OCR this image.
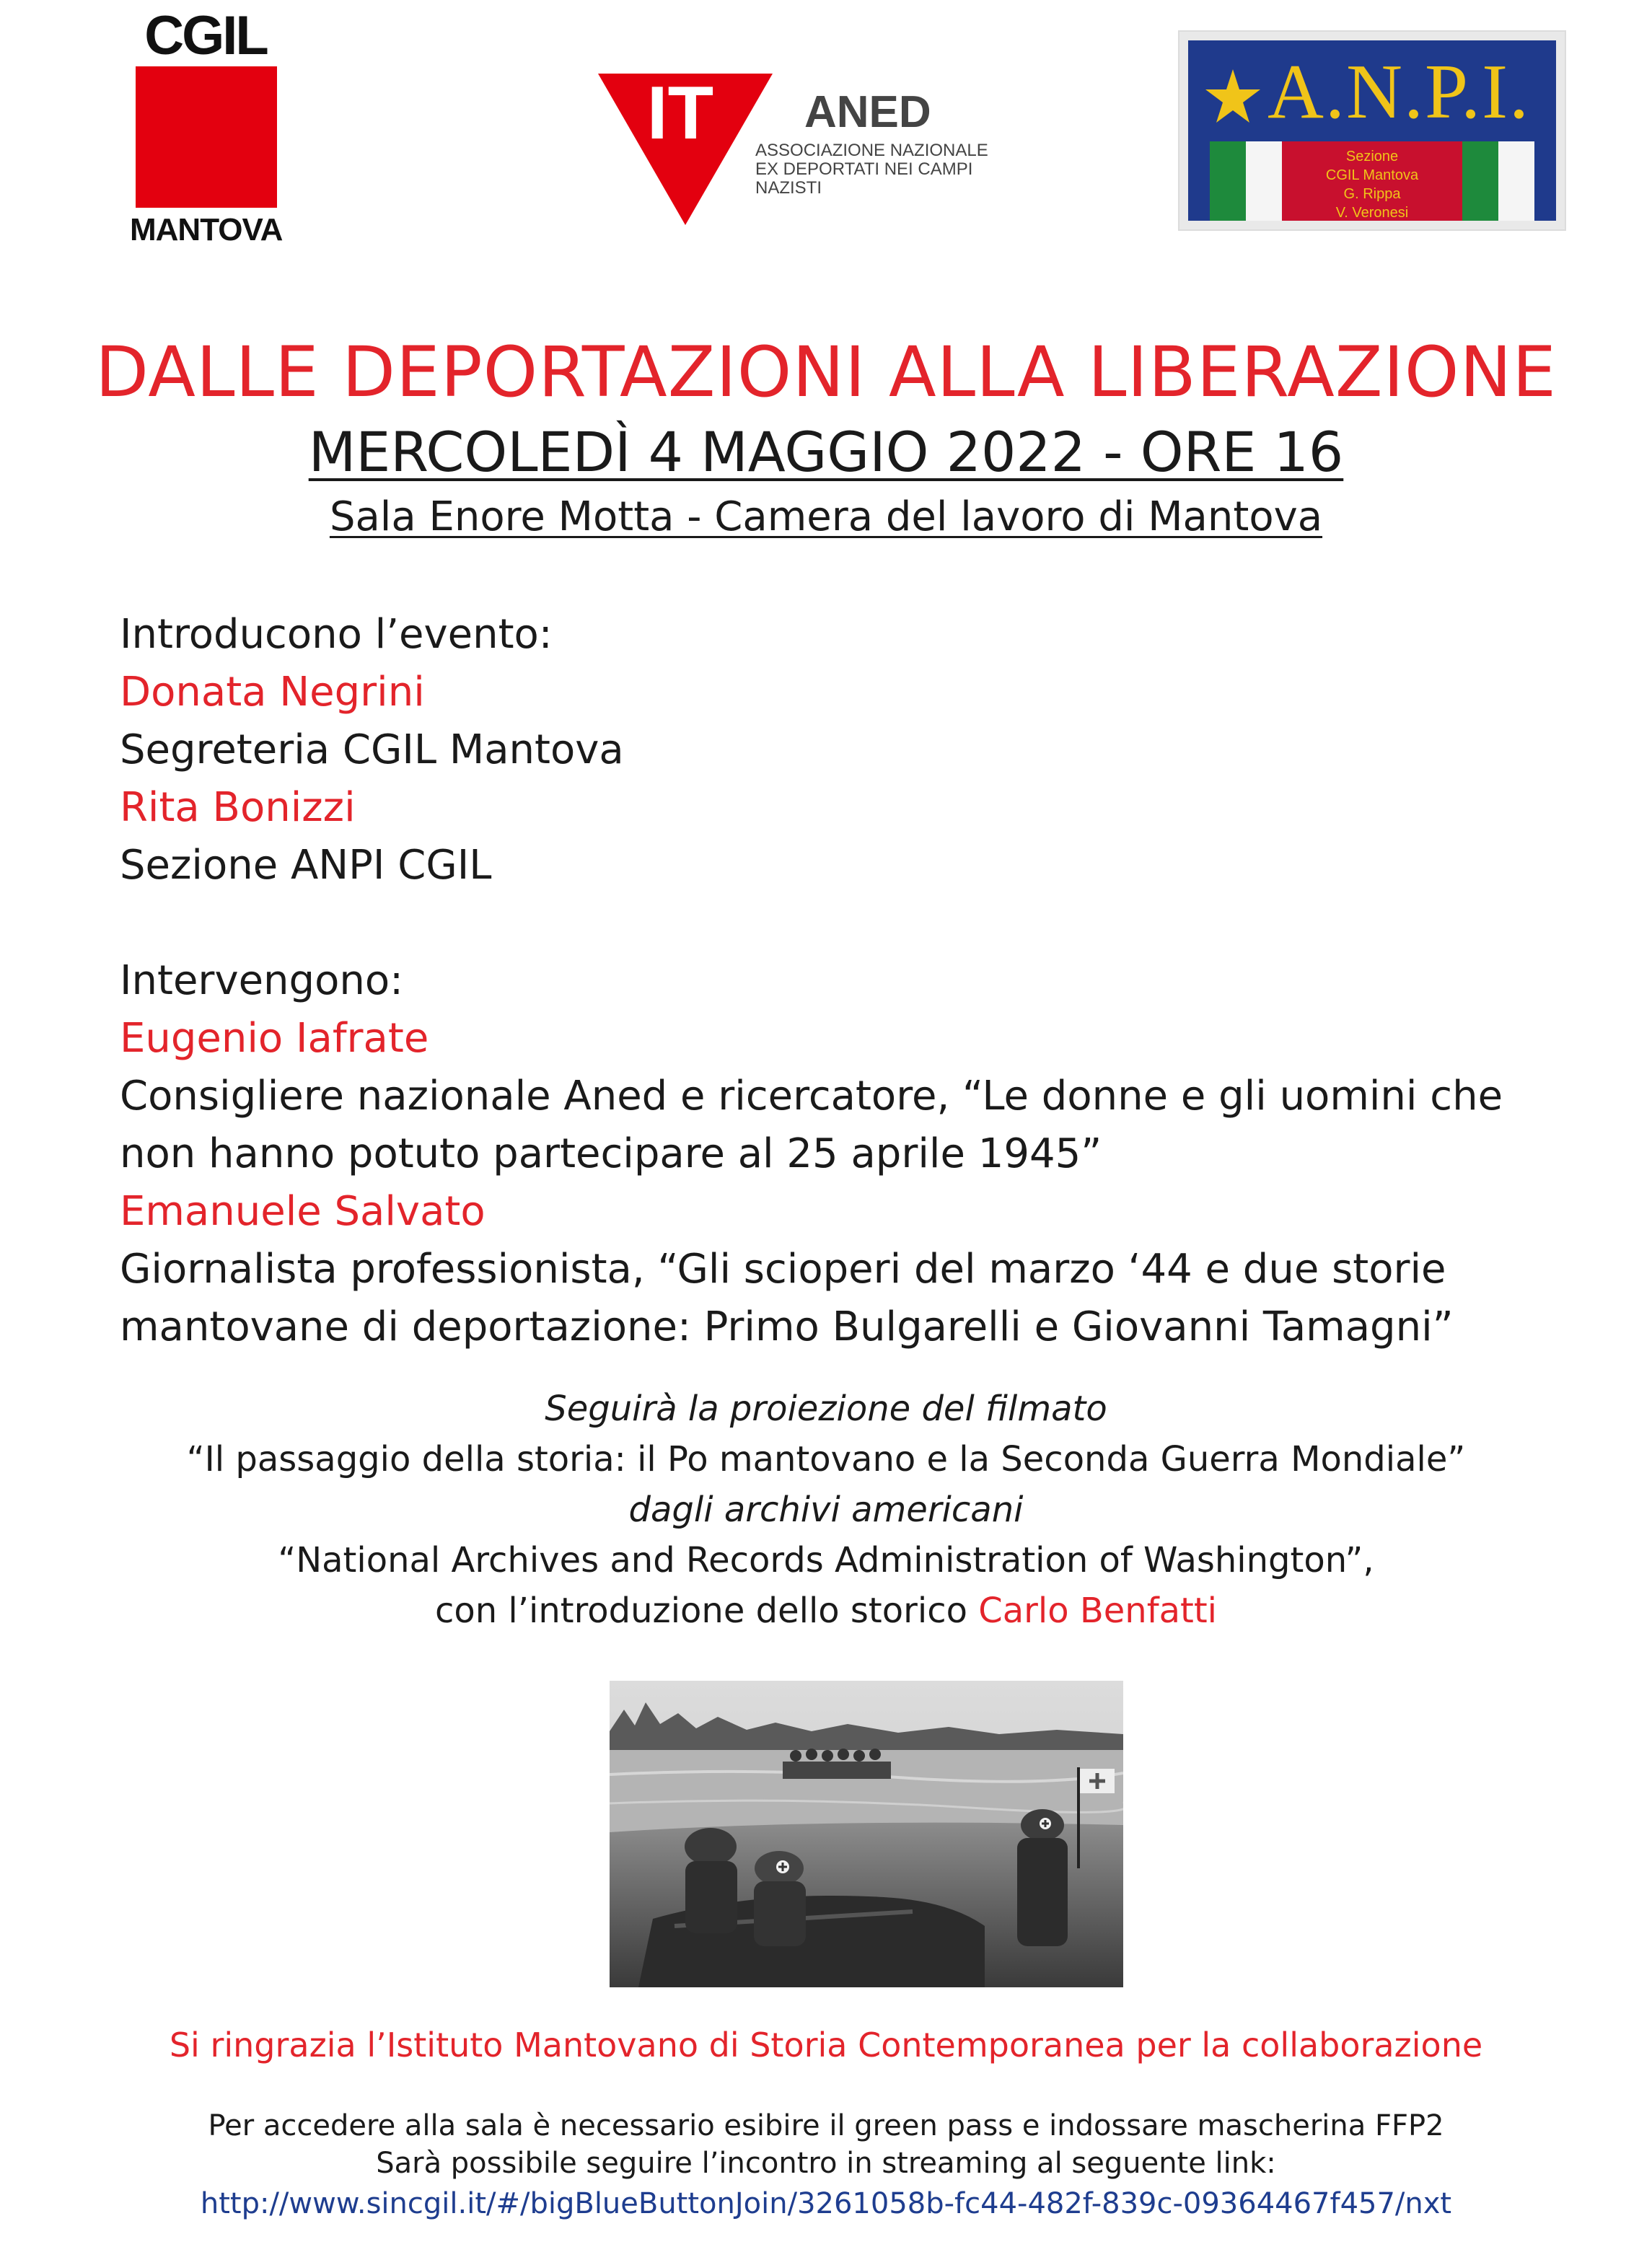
CGIL
MANTOVA
IT ANED
ASSOCIAZIONE NAZIONALE
EX DEPORTATI NEI CAMPI NAZISTI
A.N.P.I.
Sezione
CGIL Mantova
G. Rippa
V. Veronesi
DALLE DEPORTAZIONI ALLA LIBERAZIONE
MERCOLEDÌ 4 MAGGIO 2022 - ORE 16
Sala Enore Motta - Camera del lavoro di Mantova
Introducono l’evento:
Donata Negrini
Segreteria CGIL Mantova
Rita Bonizzi
Sezione ANPI CGIL
Intervengono:
Eugenio Iafrate
Consigliere nazionale Aned e ricercatore, “Le donne e gli uomini che
non hanno potuto partecipare al 25 aprile 1945”
Emanuele Salvato
Giornalista professionista, “Gli scioperi del marzo ‘44 e due storie
mantovane di deportazione: Primo Bulgarelli e Giovanni Tamagni”
Seguirà la proiezione del filmato
“Il passaggio della storia: il Po mantovano e la Seconda Guerra Mondiale”
dagli archivi americani
“National Archives and Records Administration of Washington”,
con l’introduzione dello storico Carlo Benfatti
Si ringrazia l’Istituto Mantovano di Storia Contemporanea per la collaborazione
Per accedere alla sala è necessario esibire il green pass e indossare mascherina FFP2
Sarà possibile seguire l’incontro in streaming al seguente link:
http://www.sincgil.it/#/bigBlueButtonJoin/3261058b-fc44-482f-839c-09364467f457/nxt
